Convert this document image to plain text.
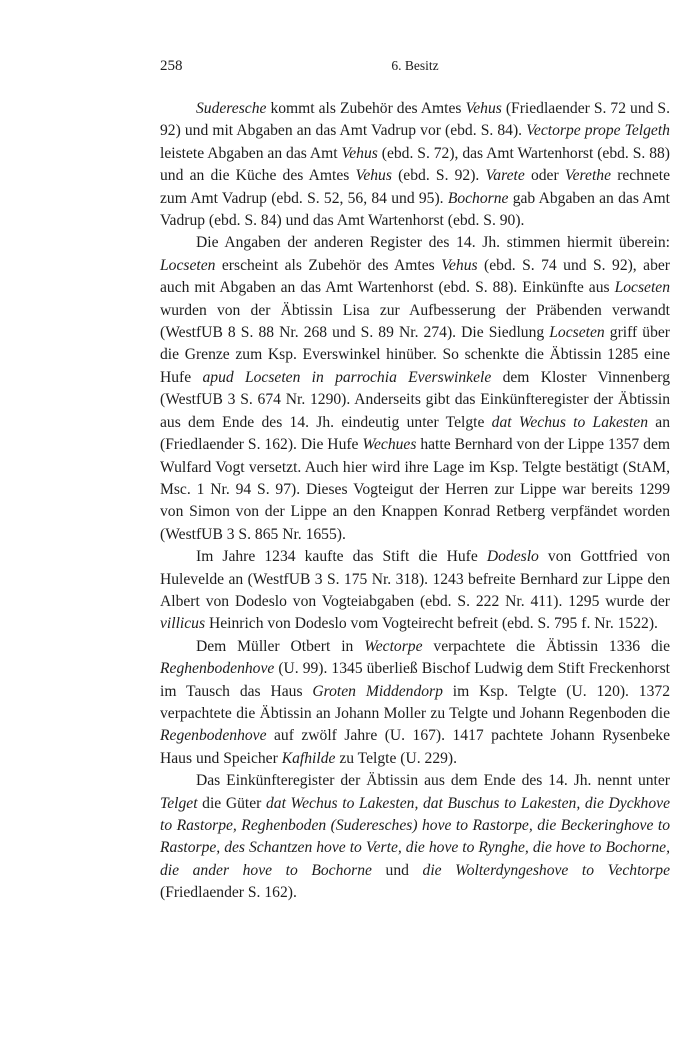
258	6. Besitz

Suderesche kommt als Zubehör des Amtes Vehus (Friedlaender S. 72 und S. 92) und mit Abgaben an das Amt Vadrup vor (ebd. S. 84). Vectorpe prope Telgeth leistete Abgaben an das Amt Vehus (ebd. S. 72), das Amt Wartenhorst (ebd. S. 88) und an die Küche des Amtes Vehus (ebd. S. 92). Varete oder Verethe rechnete zum Amt Vadrup (ebd. S. 52, 56, 84 und 95). Bochorne gab Abgaben an das Amt Vadrup (ebd. S. 84) und das Amt Wartenhorst (ebd. S. 90).

Die Angaben der anderen Register des 14. Jh. stimmen hiermit überein: Locseten erscheint als Zubehör des Amtes Vehus (ebd. S. 74 und S. 92), aber auch mit Abgaben an das Amt Wartenhorst (ebd. S. 88). Einkünfte aus Locseten wurden von der Äbtissin Lisa zur Aufbesserung der Präbenden verwandt (WestfUB 8 S. 88 Nr. 268 und S. 89 Nr. 274). Die Siedlung Locseten griff über die Grenze zum Ksp. Everswinkel hinüber. So schenkte die Äbtissin 1285 eine Hufe apud Locseten in parrochia Everswinkele dem Kloster Vinnenberg (WestfUB 3 S. 674 Nr. 1290). Anderseits gibt das Einkünfteregister der Äbtissin aus dem Ende des 14. Jh. eindeutig unter Telgte dat Wechus to Lakesten an (Friedlaender S. 162). Die Hufe Wechues hatte Bernhard von der Lippe 1357 dem Wulfard Vogt versetzt. Auch hier wird ihre Lage im Ksp. Telgte bestätigt (StAM, Msc. 1 Nr. 94 S. 97). Dieses Vogteigut der Herren zur Lippe war bereits 1299 von Simon von der Lippe an den Knappen Konrad Retberg verpfändet worden (WestfUB 3 S. 865 Nr. 1655).

Im Jahre 1234 kaufte das Stift die Hufe Dodeslo von Gottfried von Hulevelde an (WestfUB 3 S. 175 Nr. 318). 1243 befreite Bernhard zur Lippe den Albert von Dodeslo von Vogteiabgaben (ebd. S. 222 Nr. 411). 1295 wurde der villicus Heinrich von Dodeslo vom Vogteirecht befreit (ebd. S. 795 f. Nr. 1522).

Dem Müller Otbert in Wectorpe verpachtete die Äbtissin 1336 die Reghenbodenhove (U. 99). 1345 überließ Bischof Ludwig dem Stift Freckenhorst im Tausch das Haus Groten Middendorp im Ksp. Telgte (U. 120). 1372 verpachtete die Äbtissin an Johann Moller zu Telgte und Johann Regenboden die Regenbodenhove auf zwölf Jahre (U. 167). 1417 pachtete Johann Rysenbeke Haus und Speicher Kafhilde zu Telgte (U. 229).

Das Einkünfteregister der Äbtissin aus dem Ende des 14. Jh. nennt unter Telget die Güter dat Wechus to Lakesten, dat Buschus to Lakesten, die Dyckhove to Rastorpe, Reghenboden (Suderesches) hove to Rastorpe, die Beckeringhove to Rastorpe, des Schantzen hove to Verte, die hove to Rynghe, die hove to Bochorne, die ander hove to Bochorne und die Wolterdyngeshove to Vechtorpe (Friedlaender S. 162).
